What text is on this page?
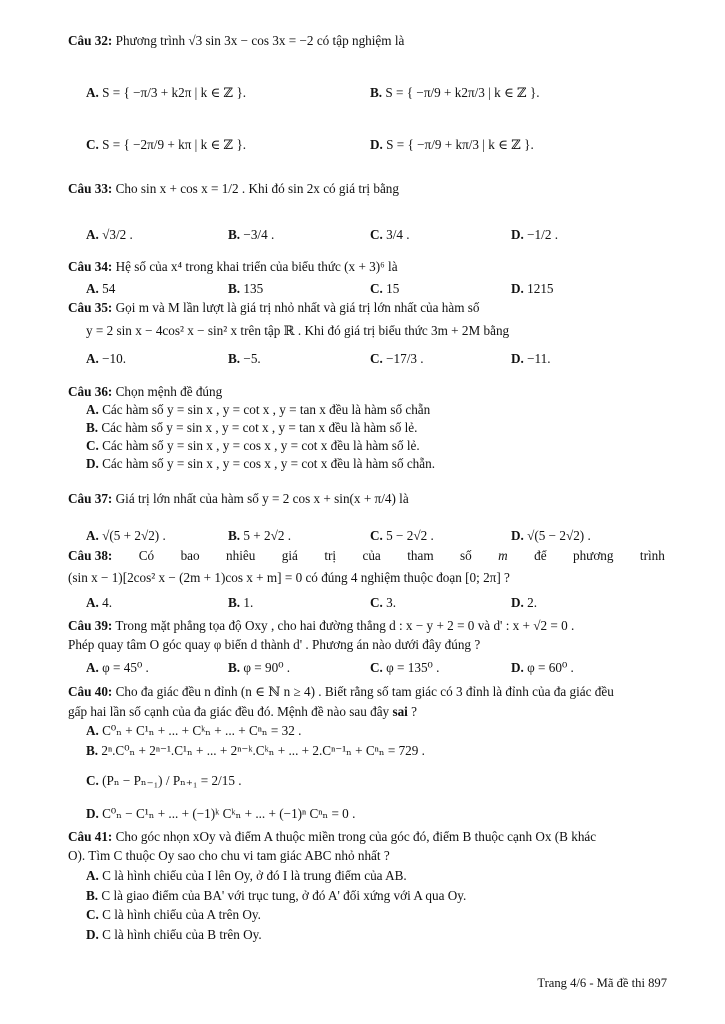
Câu 32: Phương trình √3 sin 3x − cos 3x = −2 có tập nghiệm là
A. S = { −π/3 + k2π | k ∈ ℤ }.	B. S = { −π/9 + k2π/3 | k ∈ ℤ }.
C. S = { −2π/9 + kπ | k ∈ ℤ }.	D. S = { −π/9 + kπ/3 | k ∈ ℤ }.
Câu 33: Cho sin x + cos x = 1/2 . Khi đó sin 2x có giá trị bằng
A. √3/2 .	B. −3/4 .	C. 3/4 .	D. −1/2 .
Câu 34: Hệ số của x⁴ trong khai triển của biểu thức (x + 3)⁶ là
A. 54	B. 135	C. 15	D. 1215
Câu 35: Gọi m và M lần lượt là giá trị nhỏ nhất và giá trị lớn nhất của hàm số
y = 2 sin x − 4cos² x − sin² x trên tập ℝ . Khi đó giá trị biểu thức 3m + 2M bằng
A. −10.	B. −5.	C. −17/3 .	D. −11.
Câu 36: Chọn mệnh đề đúng
A. Các hàm số y = sin x , y = cot x , y = tan x đều là hàm số chẵn
B. Các hàm số y = sin x , y = cot x , y = tan x đều là hàm số lẻ.
C. Các hàm số y = sin x , y = cos x , y = cot x đều là hàm số lẻ.
D. Các hàm số y = sin x , y = cos x , y = cot x đều là hàm số chẵn.
Câu 37: Giá trị lớn nhất của hàm số y = 2 cos x + sin(x + π/4) là
A. √(5 + 2√2) .	B. 5 + 2√2 .	C. 5 − 2√2 .	D. √(5 − 2√2) .
Câu 38: Có bao nhiêu giá trị của tham số m để phương trình
(sin x − 1)[2cos² x − (2m + 1)cos x + m] = 0 có đúng 4 nghiệm thuộc đoạn [0; 2π] ?
A. 4.	B. 1.	C. 3.	D. 2.
Câu 39: Trong mặt phẳng tọa độ Oxy , cho hai đường thẳng d : x − y + 2 = 0 và d' : x + √2 = 0 .
Phép quay tâm O góc quay φ biến d thành d' . Phương án nào dưới đây đúng ?
A. φ = 45⁰ .	B. φ = 90⁰ .	C. φ = 135⁰ .	D. φ = 60⁰ .
Câu 40: Cho đa giác đều n đỉnh (n ∈ ℕ n ≥ 4) . Biết rằng số tam giác có 3 đỉnh là đỉnh của đa giác đều
gấp hai lần số cạnh của đa giác đều đó. Mệnh đề nào sau đây sai ?
A. C⁰ₙ + C¹ₙ + ... + Cᵏₙ + ... + Cⁿₙ = 32 .
B. 2ⁿ.C⁰ₙ + 2ⁿ⁻¹.C¹ₙ + ... + 2ⁿ⁻ᵏ.Cᵏₙ + ... + 2.Cⁿ⁻¹ₙ + Cⁿₙ = 729 .
C. (Pₙ − Pₙ₋₁) / Pₙ₊₁ = 2/15 .
D. C⁰ₙ − C¹ₙ + ... + (−1)ᵏ Cᵏₙ + ... + (−1)ⁿ Cⁿₙ = 0 .
Câu 41: Cho góc nhọn xOy và điểm A thuộc miền trong của góc đó, điểm B thuộc cạnh Ox (B khác
O). Tìm C thuộc Oy sao cho chu vi tam giác ABC nhỏ nhất ?
A. C là hình chiếu của I lên Oy, ở đó I là trung điểm của AB.
B. C là giao điểm của BA' với trục tung, ở đó A' đối xứng với A qua Oy.
C. C là hình chiếu của A trên Oy.
D. C là hình chiếu của B trên Oy.
Trang 4/6 - Mã đề thi 897
